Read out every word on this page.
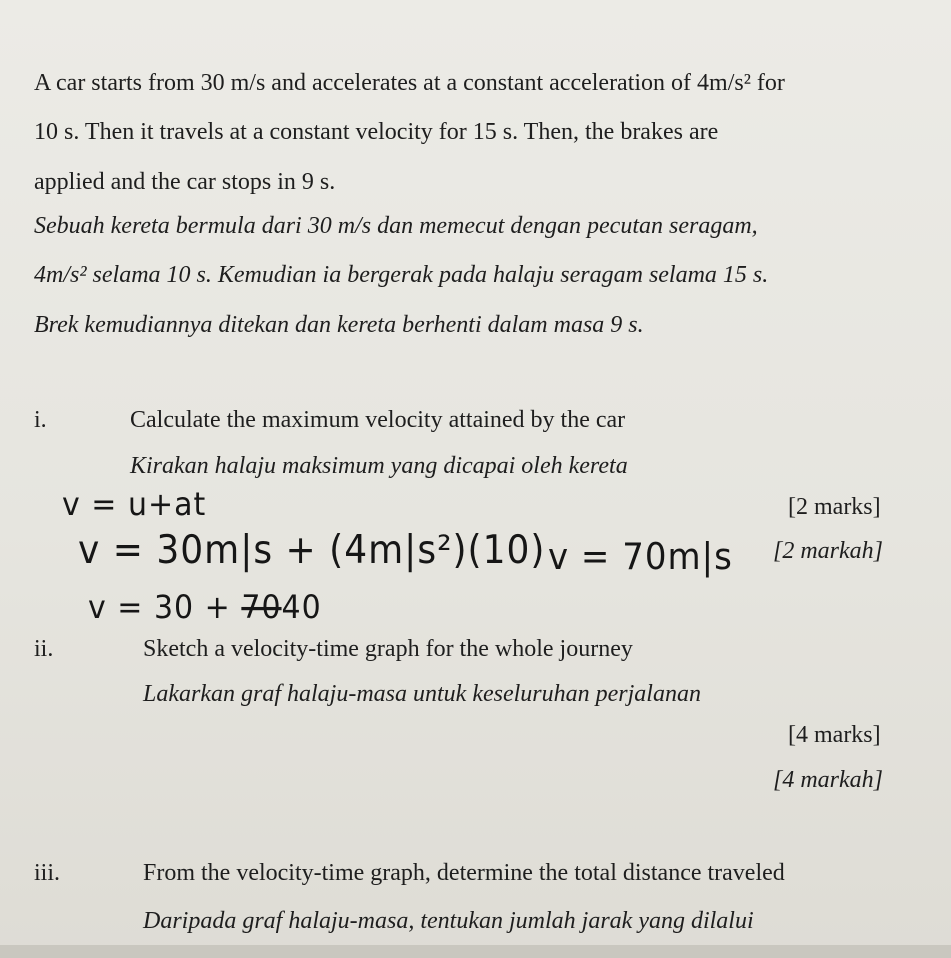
A car starts from 30 m/s and accelerates at a constant acceleration of 4m/s² for
10 s. Then it travels at a constant velocity for 15 s. Then, the brakes are
applied and the car stops in 9 s.
Sebuah kereta bermula dari 30 m/s dan memecut dengan pecutan seragam,
4m/s² selama 10 s. Kemudian ia bergerak pada halaju seragam selama 15 s.
Brek kemudiannya ditekan dan kereta berhenti dalam masa 9 s.
i.	Calculate the maximum velocity attained by the car
Kirakan halaju maksimum yang dicapai oleh kereta
[2 marks]
[2 markah]
v = u+at
v = 30m|s + (4m|s²)(10) v = 70m|s
v = 30 + 7040
ii.	Sketch a velocity-time graph for the whole journey
Lakarkan graf halaju-masa untuk keseluruhan perjalanan
[4 marks]
[4 markah]
iii.	From the velocity-time graph, determine the total distance traveled
Daripada graf halaju-masa, tentukan jumlah jarak yang dilalui
